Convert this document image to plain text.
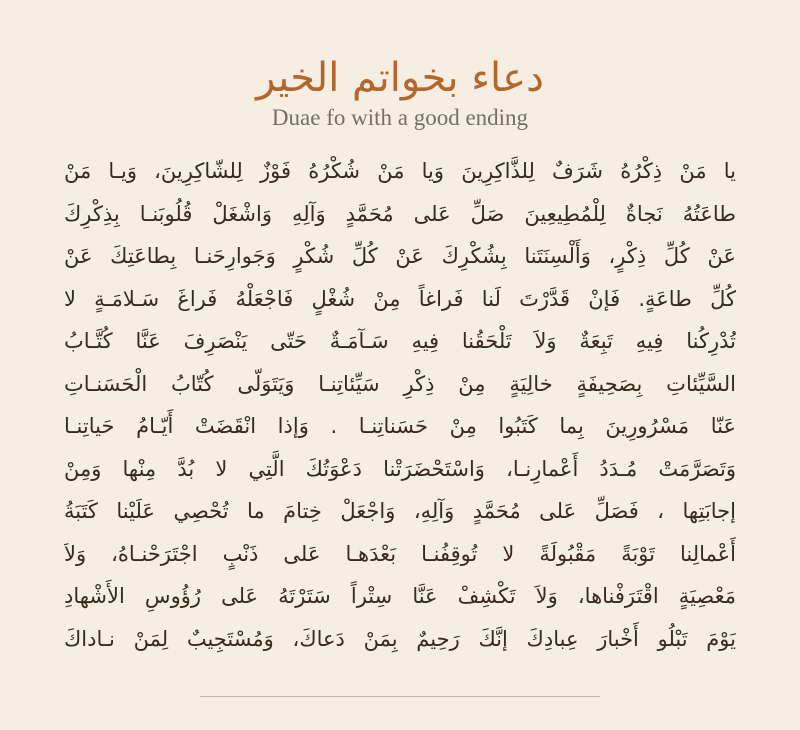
دعاء بخواتم الخير
Duae fo with a good ending
يا مَنْ ذِكْرُهُ شَرَفٌ لِلذَّاكِرِينَ وَيا مَنْ شُكْرُهُ فَوْزٌ لِلشّاكِرِينَ، وَيـا مَنْ
طاعَتُهُ نَجاةٌ لِلْمُطِيعِينَ صَلِّ عَلى مُحَمَّدٍ وَآلِهِ وَاشْغَلْ قُلُوبَنـا بِذِكْرِكَ
عَنْ كُلِّ ذِكْرٍ، وَأَلْسِنَتَنا بِشُكْرِكَ عَنْ كُلِّ شُكْرٍ وَجَوارِحَنـا بِطاعَتِكَ عَنْ
كُلِّ طاعَةٍ. فَإنْ قَدَّرْتَ لَنا فَراغاً مِنْ شُغْلٍ فَاجْعَلْهُ فَراغَ سَـلامَـةٍ لا
تُدْرِكُنا فِيهِ تَبِعَةٌ وَلاَ تَلْحَقُنا فِيهِ سَـآمَـةٌ حَتّى يَنْصَرِفَ عَنَّا كُتَّـابُ
السَّيِّئاتِ بِصَحِيفَةٍ خالِيَةٍ مِنْ ذِكْرِ سَيِّئاتِنـا وَيَتَوَلّى كُتّابُ الْحَسَنـاتِ
عَنّا مَسْرُورِينَ بِما كَتَبُوا مِنْ حَسَناتِنـا . وَإذا انْقَضَتْ أَيّـامُ حَياتِنـا
وَتَصَرَّمَتْ مُـدَدُ أَعْمارِنـا، وَاسْتَحْضَرَتْنا دَعْوَتُكَ الَّتِي لا بُدَّ مِنْها وَمِنْ
إجابَتِها ، فَصَلِّ عَلى مُحَمَّدٍ وَآلِهِ، وَاجْعَلْ خِتامَ ما تُحْصِي عَلَيْنا كَتَبَةُ
أَعْمالِنا تَوْبَةً مَقْبُولَةً لا تُوقِفُنـا بَعْدَهـا عَلى ذَنْبٍ اجْتَرَحْنـاهُ، وَلاَ
مَعْصِيَةٍ اقْتَرَفْناها، وَلاَ تَكْشِفْ عَنَّا سِتْراً سَتَرْتَهُ عَلى رُؤُوسِ الأَشْهادِ
يَوْمَ تَبْلُو أَخْبارَ عِبادِكَ إنَّكَ رَحِيمٌ بِمَنْ دَعاكَ، وَمُسْتَجِيبٌ لِمَنْ نـاداكَ
